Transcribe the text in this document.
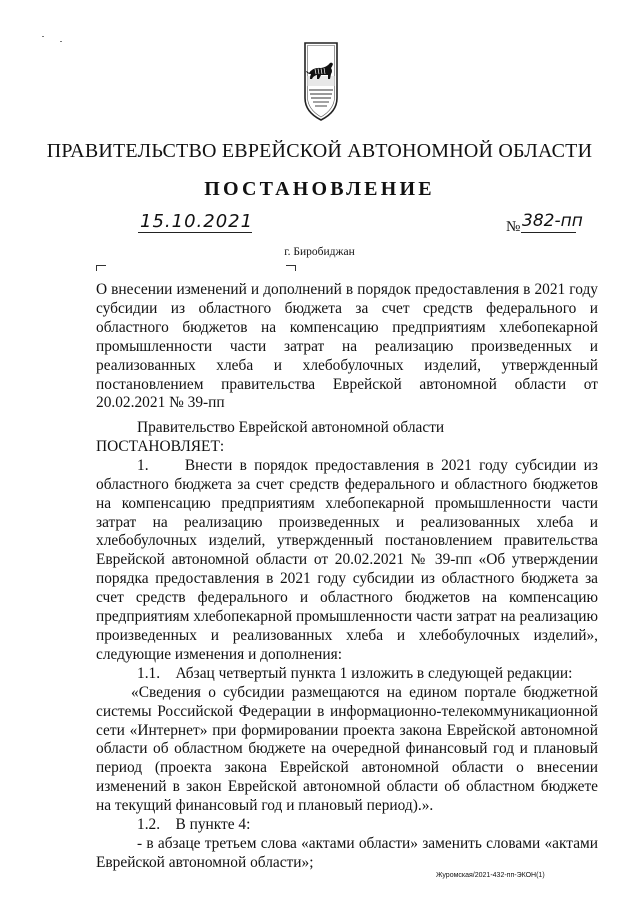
ПРАВИТЕЛЬСТВО ЕВРЕЙСКОЙ АВТОНОМНОЙ ОБЛАСТИ
ПОСТАНОВЛЕНИЕ
15.10.2021	№ 382-пп
г. Биробиджан
О внесении изменений и дополнений в порядок предоставления в 2021 году субсидии из областного бюджета за счет средств федерального и областного бюджетов на компенсацию предприятиям хлебопекарной промышленности части затрат на реализацию произведенных и реализованных хлеба и хлебобулочных изделий, утвержденный постановлением правительства Еврейской автономной области от 20.02.2021 № 39-пп

Правительство Еврейской автономной области

ПОСТАНОВЛЯЕТ:

1.     Внести в порядок предоставления в 2021 году субсидии из областного бюджета за счет средств федерального и областного бюджетов на компенсацию предприятиям хлебопекарной промышленности части затрат на реализацию произведенных и реализованных хлеба и хлебобулочных изделий, утвержденный постановлением правительства Еврейской автономной области от 20.02.2021 № 39-пп «Об утверждении порядка предоставления в 2021 году субсидии из областного бюджета за счет средств федерального и областного бюджетов на компенсацию предприятиям хлебопекарной промышленности части затрат на реализацию произведенных и реализованных хлеба и хлебобулочных изделий», следующие изменения и дополнения:

1.1.    Абзац четвертый пункта 1 изложить в следующей редакции:

«Сведения о субсидии размещаются на едином портале бюджетной системы Российской Федерации в информационно-телекоммуникационной сети «Интернет» при формировании проекта закона Еврейской автономной области об областном бюджете на очередной финансовый год и плановый период (проекта закона Еврейской автономной области о внесении изменений в закон Еврейской автономной области об областном бюджете на текущий финансовый год и плановый период).».

1.2.    В пункте 4:

- в абзаце третьем слова «актами области» заменить словами «актами Еврейской автономной области»;

Журомская/2021-432-пп-ЭКОН(1)
